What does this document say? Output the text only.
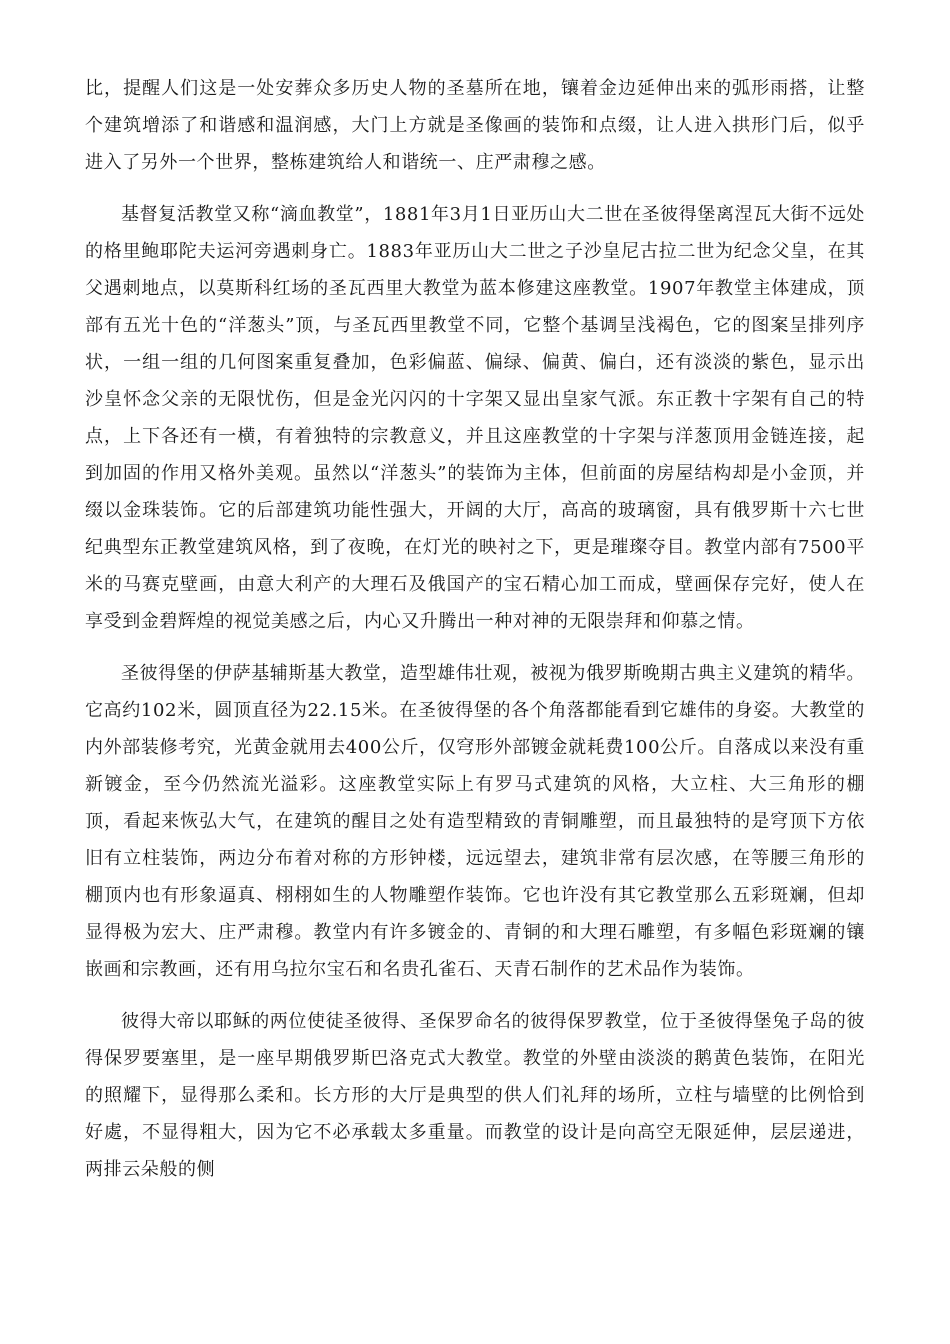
比，提醒人们这是一处安葬众多历史人物的圣墓所在地，镶着金边延伸出来的弧形雨搭，让整个建筑增添了和谐感和温润感，大门上方就是圣像画的装饰和点缀，让人进入拱形门后，似乎进入了另外一个世界，整栋建筑给人和谐统一、庄严肃穆之感。

基督复活教堂又称“滴血教堂”，1881年3月1日亚历山大二世在圣彼得堡离涅瓦大街不远处的格里鲍耶陀夫运河旁遇刺身亡。1883年亚历山大二世之子沙皇尼古拉二世为纪念父皇，在其父遇刺地点，以莫斯科红场的圣瓦西里大教堂为蓝本修建这座教堂。1907年教堂主体建成，顶部有五光十色的“洋葱头”顶，与圣瓦西里教堂不同，它整个基调呈浅褐色，它的图案呈排列序状，一组一组的几何图案重复叠加，色彩偏蓝、偏绿、偏黄、偏白，还有淡淡的紫色，显示出沙皇怀念父亲的无限忧伤，但是金光闪闪的十字架又显出皇家气派。东正教十字架有自己的特点，上下各还有一横，有着独特的宗教意义，并且这座教堂的十字架与洋葱顶用金链连接，起到加固的作用又格外美观。虽然以“洋葱头”的装饰为主体，但前面的房屋结构却是小金顶，并缀以金珠装饰。它的后部建筑功能性强大，开阔的大厅，高高的玻璃窗，具有俄罗斯十六七世纪典型东正教堂建筑风格，到了夜晚，在灯光的映衬之下，更是璀璨夺目。教堂内部有7500平米的马赛克壁画，由意大利产的大理石及俄国产的宝石精心加工而成，壁画保存完好，使人在享受到金碧辉煌的视觉美感之后，内心又升腾出一种对神的无限崇拜和仰慕之情。

圣彼得堡的伊萨基辅斯基大教堂，造型雄伟壮观，被视为俄罗斯晚期古典主义建筑的精华。它高约102米，圆顶直径为22.15米。在圣彼得堡的各个角落都能看到它雄伟的身姿。大教堂的内外部装修考究，光黄金就用去400公斤，仅穹形外部镀金就耗费100公斤。自落成以来没有重新镀金，至今仍然流光溢彩。这座教堂实际上有罗马式建筑的风格，大立柱、大三角形的棚顶，看起来恢弘大气，在建筑的醒目之处有造型精致的青铜雕塑，而且最独特的是穹顶下方依旧有立柱装饰，两边分布着对称的方形钟楼，远远望去，建筑非常有层次感，在等腰三角形的棚顶内也有形象逼真、栩栩如生的人物雕塑作装饰。它也许没有其它教堂那么五彩斑斓，但却显得极为宏大、庄严肃穆。教堂内有许多镀金的、青铜的和大理石雕塑，有多幅色彩斑斓的镶嵌画和宗教画，还有用乌拉尔宝石和名贵孔雀石、天青石制作的艺术品作为装饰。

彼得大帝以耶稣的两位使徒圣彼得、圣保罗命名的彼得保罗教堂，位于圣彼得堡兔子岛的彼得保罗要塞里，是一座早期俄罗斯巴洛克式大教堂。教堂的外壁由淡淡的鹅黄色装饰，在阳光的照耀下，显得那么柔和。长方形的大厅是典型的供人们礼拜的场所，立柱与墙壁的比例恰到好處，不显得粗大，因为它不必承载太多重量。而教堂的设计是向高空无限延伸，层层递进，两排云朵般的侧
